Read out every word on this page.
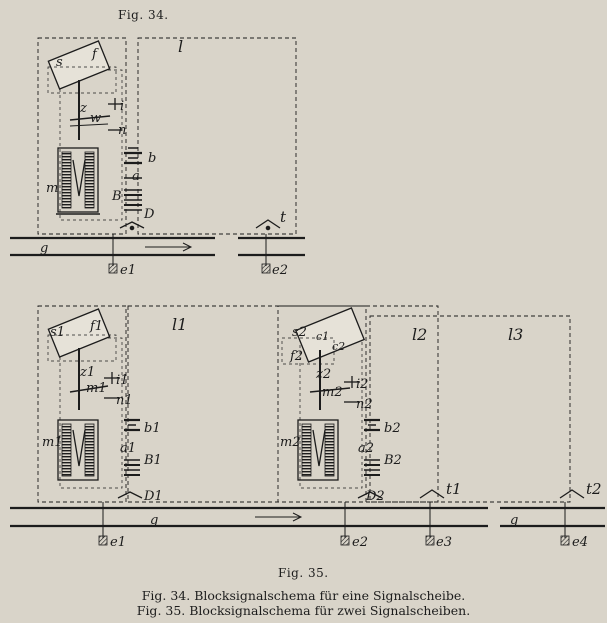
Fig. 34.
s
f	l
z
w
i
n
m
b
a
B
D
g
t
e1	e2
s1 f1	l1
z1
m1
i1
n1
m1
b1
a1
B1
D1
s2
f2
c1
c2
l2	l3
z2
m2
i2
n2
m2
b2
a2
B2
D2
g	g
t1	t2
e1	e2	e3	e4
Fig. 35.
Fig. 34. Blocksignalschema für eine Signalscheibe.
Fig. 35. Blocksignalschema für zwei Signalscheiben.
